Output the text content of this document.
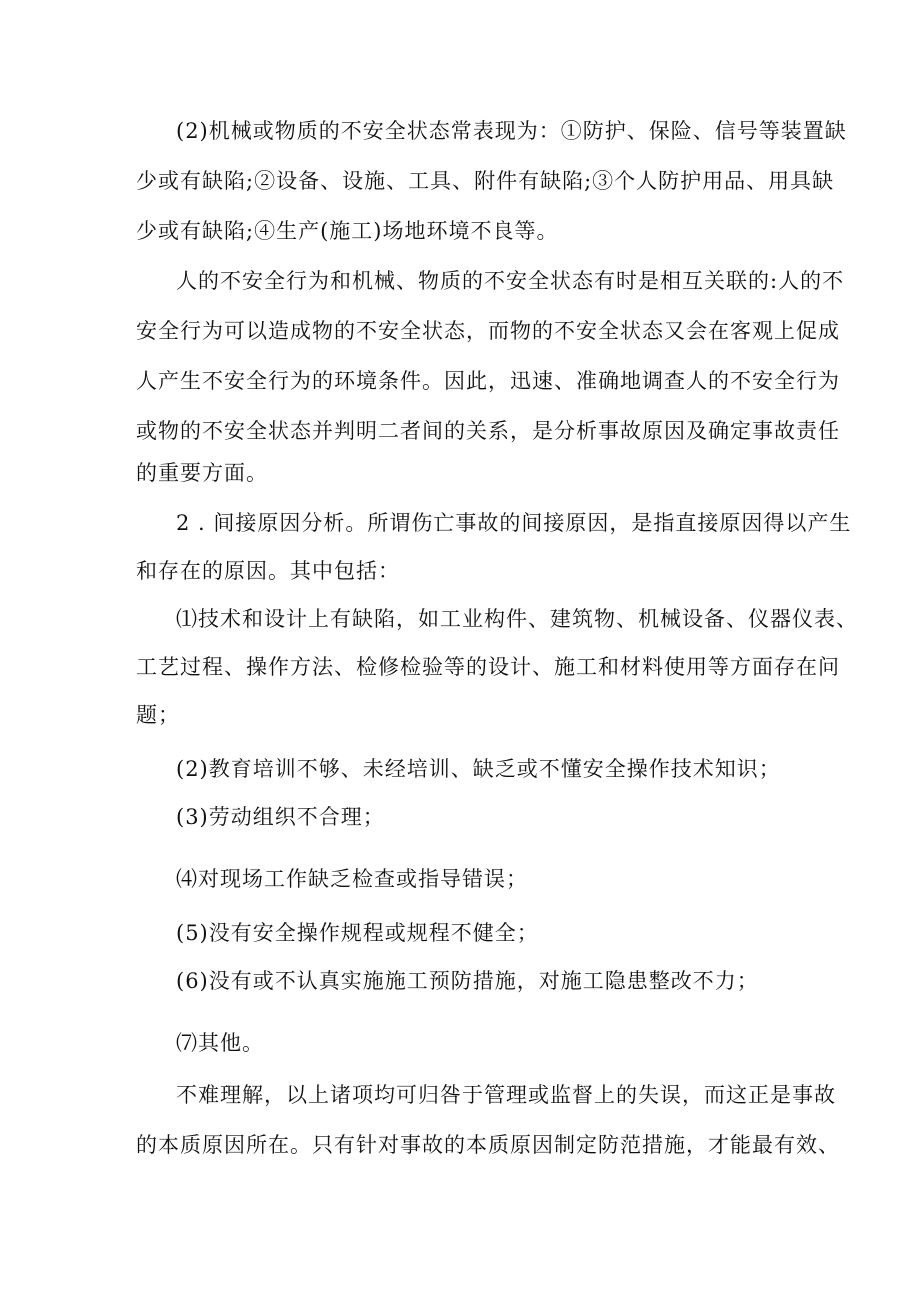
(2)机械或物质的不安全状态常表现为：①防护、保险、信号等装置缺
少或有缺陷;②设备、设施、工具、附件有缺陷;③个人防护用品、用具缺
少或有缺陷;④生产(施工)场地环境不良等。
人的不安全行为和机械、物质的不安全状态有时是相互关联的:人的不
安全行为可以造成物的不安全状态，而物的不安全状态又会在客观上促成
人产生不安全行为的环境条件。因此，迅速、准确地调查人的不安全行为
或物的不安全状态并判明二者间的关系，是分析事故原因及确定事故责任
的重要方面。
2 . 间接原因分析。所谓伤亡事故的间接原因，是指直接原因得以产生
和存在的原因。其中包括：
⑴技术和设计上有缺陷，如工业构件、建筑物、机械设备、仪器仪表、
工艺过程、操作方法、检修检验等的设计、施工和材料使用等方面存在问
题；
(2)教育培训不够、未经培训、缺乏或不懂安全操作技术知识；
(3)劳动组织不合理；
⑷对现场工作缺乏检查或指导错误；
(5)没有安全操作规程或规程不健全；
(6)没有或不认真实施施工预防措施，对施工隐患整改不力；
⑺其他。
不难理解，以上诸项均可归咎于管理或监督上的失误，而这正是事故
的本质原因所在。只有针对事故的本质原因制定防范措施，才能最有效、
